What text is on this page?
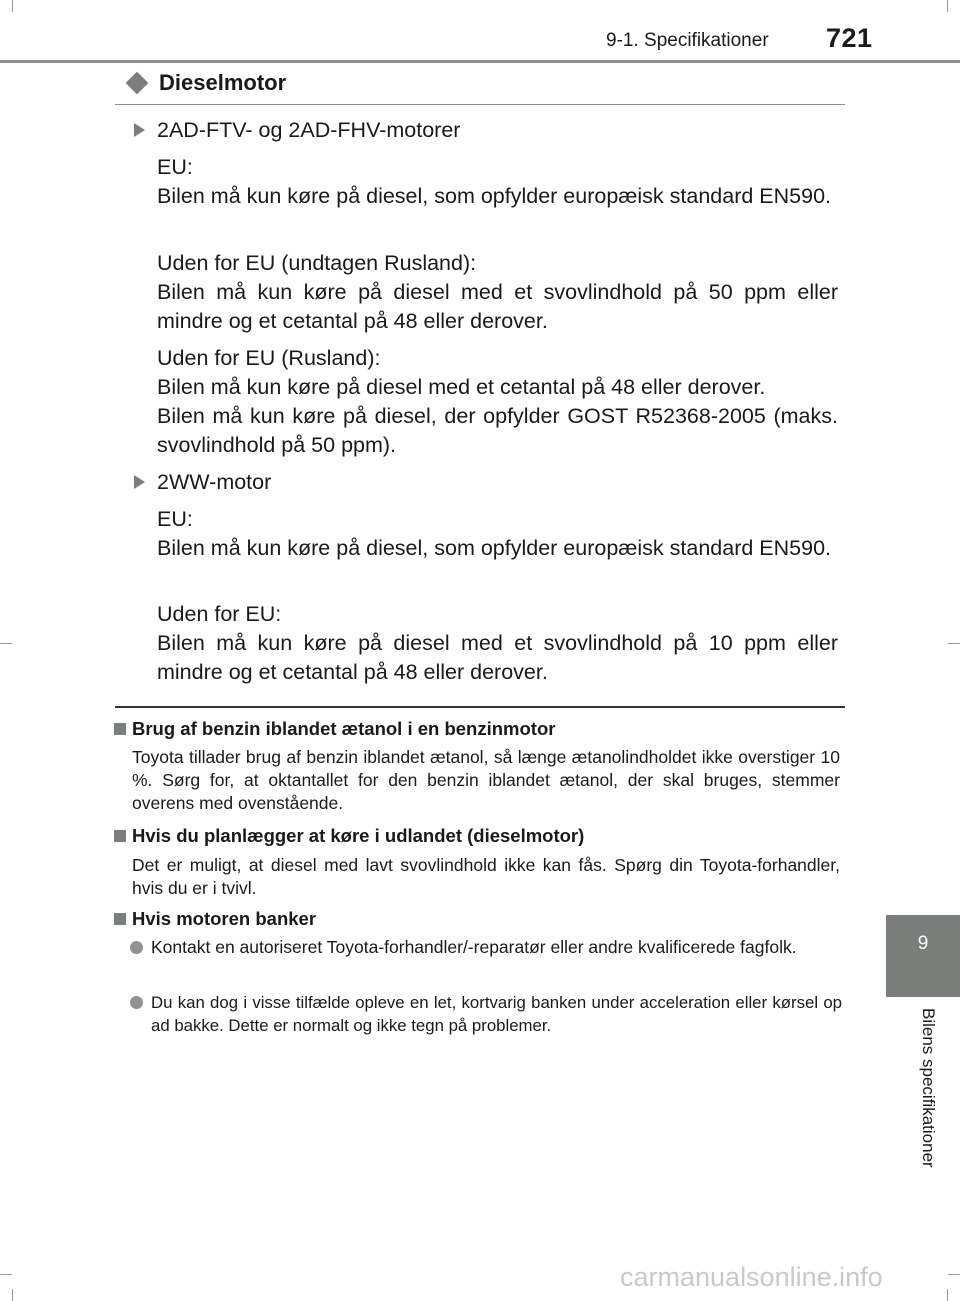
9-1. Specifikationer 721
9
Bilens specifikationer
Dieselmotor
2AD-FTV- og 2AD-FHV-motorer

EU:

Bilen må kun køre på diesel, som opfylder europæisk standard EN590.

Uden for EU (undtagen Rusland):

Bilen må kun køre på diesel med et svovlindhold på 50 ppm eller mindre og et cetantal på 48 eller derover.

Uden for EU (Rusland):

Bilen må kun køre på diesel med et cetantal på 48 eller derover.

Bilen må kun køre på diesel, der opfylder GOST R52368-2005 (maks. svovlindhold på 50 ppm).

2WW-motor

EU:

Bilen må kun køre på diesel, som opfylder europæisk standard EN590.

Uden for EU:

Bilen må kun køre på diesel med et svovlindhold på 10 ppm eller mindre og et cetantal på 48 eller derover.

Brug af benzin iblandet ætanol i en benzinmotor
Toyota tillader brug af benzin iblandet ætanol, så længe ætanolindholdet ikke overstiger 10 %. Sørg for, at oktantallet for den benzin iblandet ætanol, der skal bruges, stemmer overens med ovenstående.
Hvis du planlægger at køre i udlandet (dieselmotor)
Det er muligt, at diesel med lavt svovlindhold ikke kan fås. Spørg din Toyota-forhandler, hvis du er i tvivl.
Hvis motoren banker
Kontakt en autoriseret Toyota-forhandler/-reparatør eller andre kvalificerede fagfolk.
Du kan dog i visse tilfælde opleve en let, kortvarig banken under acceleration eller kørsel op ad bakke. Dette er normalt og ikke tegn på problemer.
carmanualsonline.info
